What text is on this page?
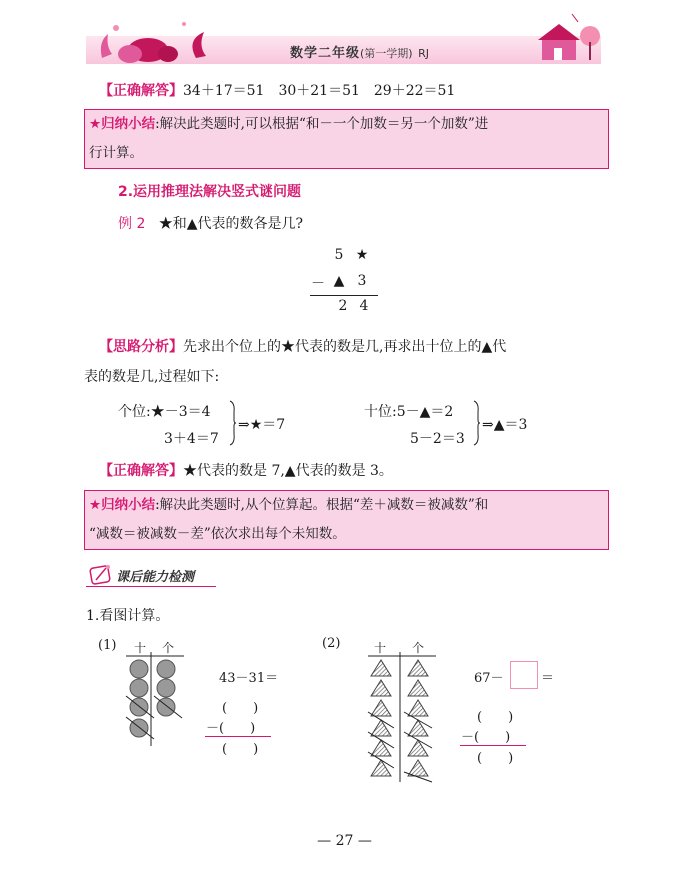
数学二年级(第一学期) RJ
【正确解答】34＋17＝51　30＋21＝51　29＋22＝51
★归纳小结:解决此类题时,可以根据“和－一个加数＝另一个加数”进
行计算。
2.运用推理法解决竖式谜问题
例 2 ★和▲代表的数各是几?
5 ★
－ ▲ 3
2 4
【思路分析】先求出个位上的★代表的数是几,再求出十位上的▲代
表的数是几,过程如下:
个位:★－3＝4
3＋4＝7
⇒★＝7
十位:5－▲＝2
5－2＝3
⇒▲＝3
【正确解答】★代表的数是 7,▲代表的数是 3。
★归纳小结:解决此类题时,从个位算起。根据“差＋减数＝被减数”和
“减数＝被减数－差”依次求出每个未知数。
课后能力检测
1.看图计算。
(1) 十 个
43－31＝
(　　)
－(　　)
(　　)
(2)	十 个
67－	＝
(　　)
－(　　)
(　　)
— 27 —
